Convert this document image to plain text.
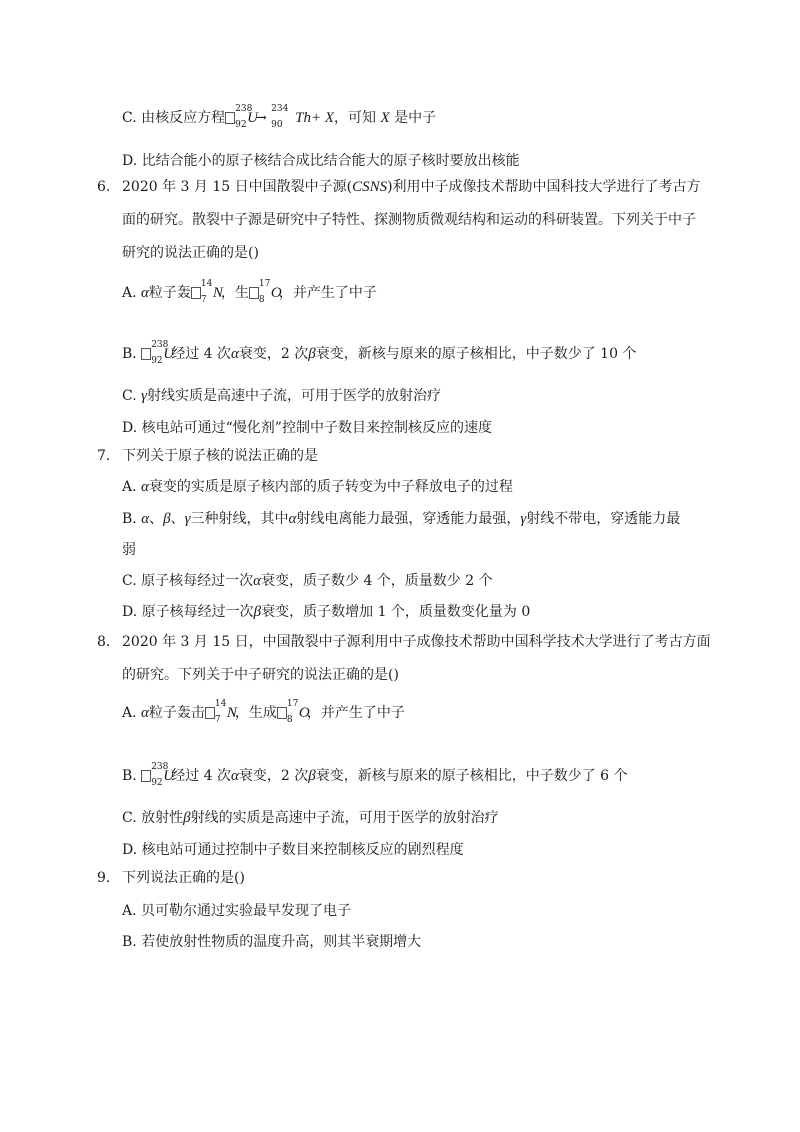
C. 由核反应方程
238
92 U
→
234
90 Th+ X，可知 X 是中子
D. 比结合能小的原子核结合成比结合能大的原子核时要放出核能
6. 2020 年 3 月 15 日中国散裂中子源(CSNS)利用中子成像技术帮助中国科技大学进行了考古方
面的研究。散裂中子源是研究中子特性、探测物质微观结构和运动的科研装置。下列关于中子
研究的说法正确的是()
A. α粒子轰
14
7 N
，生
17
8 O
，并产生了中子
B.
238
92 U
经过 4 次α衰变，2 次β衰变，新核与原来的原子核相比，中子数少了 10 个
C. γ射线实质是高速中子流，可用于医学的放射治疗
D. 核电站可通过“慢化剂”控制中子数目来控制核反应的速度
7. 下列关于原子核的说法正确的是
A. α衰变的实质是原子核内部的质子转变为中子释放电子的过程
B. α、β、γ三种射线，其中α射线电离能力最强，穿透能力最强，γ射线不带电，穿透能力最
弱
C. 原子核每经过一次α衰变，质子数少 4 个，质量数少 2 个
D. 原子核每经过一次β衰变，质子数增加 1 个，质量数变化量为 0
8. 2020 年 3 月 15 日，中国散裂中子源利用中子成像技术帮助中国科学技术大学进行了考古方面
的研究。下列关于中子研究的说法正确的是()
A. α粒子轰击
14
7 N
，生成
17
8 O
，并产生了中子
B.
238
92 U
经过 4 次α衰变，2 次β衰变，新核与原来的原子核相比，中子数少了 6 个
C. 放射性β射线的实质是高速中子流，可用于医学的放射治疗
D. 核电站可通过控制中子数目来控制核反应的剧烈程度
9. 下列说法正确的是()
A. 贝可勒尔通过实验最早发现了电子
B. 若使放射性物质的温度升高，则其半衰期增大
